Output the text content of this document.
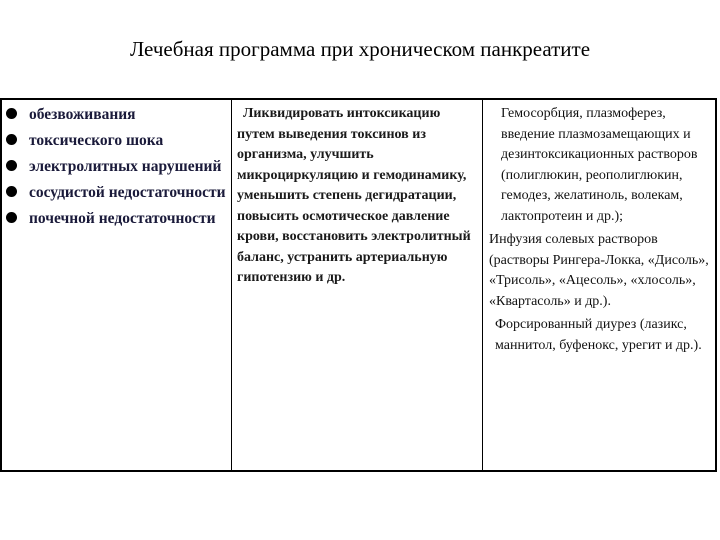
Лечебная программа при хроническом панкреатите
обезвоживания
токсического шока
электролитных нарушений
сосудистой недостаточности
почечной недостаточности
Ликвидировать интоксикацию путем выведения токсинов из организма, улучшить микроциркуляцию и гемодинамику, уменьшить степень дегидратации, повысить осмотическое давление крови, восстановить электролитный баланс, устранить артериальную гипотензию и др.
Гемосорбция, плазмоферез, введение плазмозамещающих и дезинтоксикационных растворов (полиглюкин, реополиглюкин, гемодез, желатиноль, волекам, лактопротеин и др.);
Инфузия солевых растворов (растворы Рингера-Локка, «Дисоль», «Трисоль», «Ацесоль», «хлосоль», «Квартасоль» и др.).
Форсированный диурез (лазикс, маннитол, буфенокс, урегит и др.).
